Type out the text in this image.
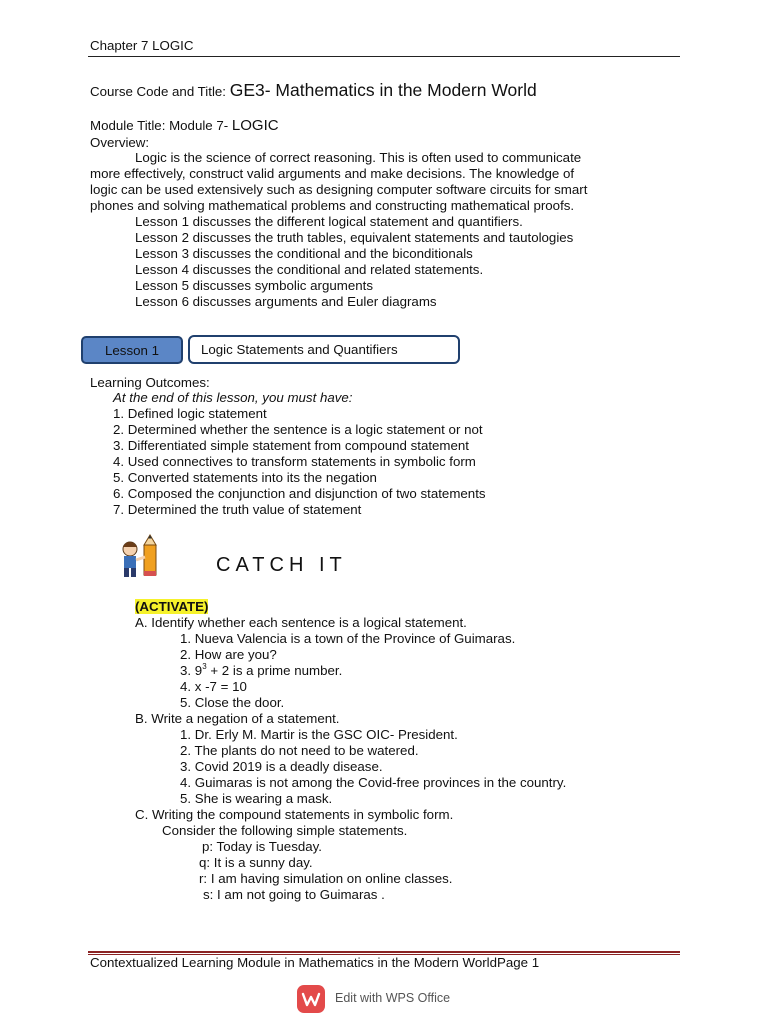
Chapter 7 LOGIC
Course Code and Title: GE3- Mathematics in the Modern World
Module Title: Module 7- LOGIC
Overview:
Logic is the science of correct reasoning. This is often used to communicate
more effectively, construct valid arguments and make decisions. The knowledge of
logic can be used extensively such as designing computer software circuits for smart
phones and solving mathematical problems and constructing mathematical proofs.
Lesson 1 discusses the different logical statement and quantifiers.
Lesson 2 discusses the truth tables, equivalent statements and tautologies
Lesson 3 discusses the conditional and the biconditionals
Lesson 4 discusses the conditional and related statements.
Lesson 5 discusses symbolic arguments
Lesson 6 discusses arguments and Euler diagrams
Lesson 1	Logic Statements and Quantifiers
Learning Outcomes:
At the end of this lesson, you must have:
1. Defined logic statement
2. Determined whether the sentence is a logic statement or not
3. Differentiated simple statement from compound statement
4. Used connectives to transform statements in symbolic form
5. Converted statements into its the negation
6. Composed the conjunction and disjunction of two statements
7. Determined the truth value of statement
CATCH IT
(ACTIVATE)
A. Identify whether each sentence is a logical statement.
1. Nueva Valencia is a town of the Province of Guimaras.
2. How are you?
3. $9^3 + 2$ is a prime number.
4. x -7 = 10
5. Close the door.
B. Write a negation of a statement.
1. Dr. Erly M. Martir is the GSC OIC- President.
2. The plants do not need to be watered.
3. Covid 2019 is a deadly disease.
4. Guimaras is not among the Covid-free provinces in the country.
5. She is wearing a mask.
C. Writing the compound statements in symbolic form.
Consider the following simple statements.
p: Today is Tuesday.
q: It is a sunny day.
r: I am having simulation on online classes.
s: I am not going to Guimaras .
Contextualized Learning Module in Mathematics in the Modern WorldPage 1
Edit with WPS Office
